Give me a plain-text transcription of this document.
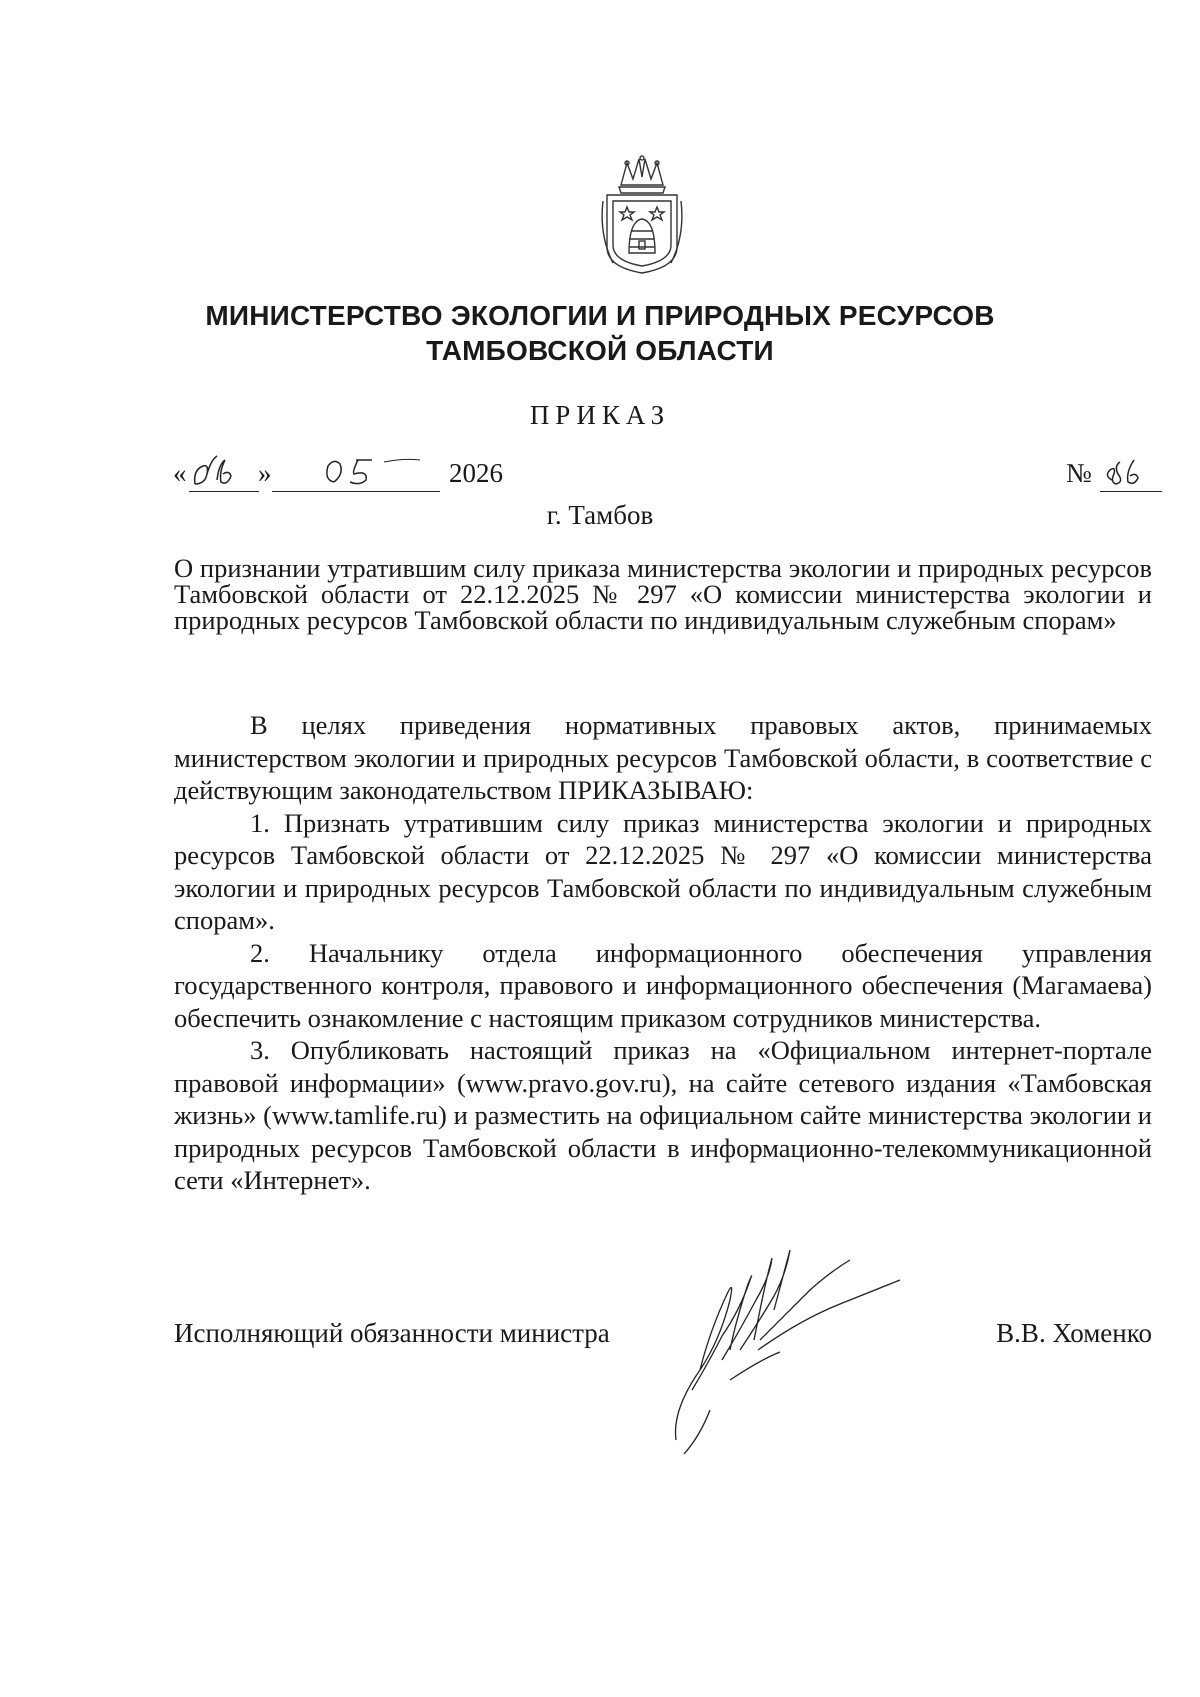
МИНИСТЕРСТВО ЭКОЛОГИИ И ПРИРОДНЫХ РЕСУРСОВ
ТАМБОВСКОЙ ОБЛАСТИ
ПРИКАЗ
«	»	2026	№
г. Тамбов
О признании утратившим силу приказа министерства экологии и природных ресурсов Тамбовской области от 22.12.2025 № 297 «О комиссии министерства экологии и природных ресурсов Тамбовской области по индивидуальным служебным спорам»

В целях приведения нормативных правовых актов, принимаемых министерством экологии и природных ресурсов Тамбовской области, в соответствие с действующим законодательством ПРИКАЗЫВАЮ:

1. Признать утратившим силу приказ министерства экологии и природных ресурсов Тамбовской области от 22.12.2025 № 297 «О комиссии министерства экологии и природных ресурсов Тамбовской области по индивидуальным служебным спорам».

2. Начальнику отдела информационного обеспечения управления государственного контроля, правового и информационного обеспечения (Магамаева) обеспечить ознакомление с настоящим приказом сотрудников министерства.

3. Опубликовать настоящий приказ на «Официальном интернет-портале правовой информации» (www.pravo.gov.ru), на сайте сетевого издания «Тамбовская жизнь» (www.tamlife.ru) и разместить на официальном сайте министерства экологии и природных ресурсов Тамбовской области в информационно-телекоммуникационной сети «Интернет».

Исполняющий обязанности министра	В.В. Хоменко
